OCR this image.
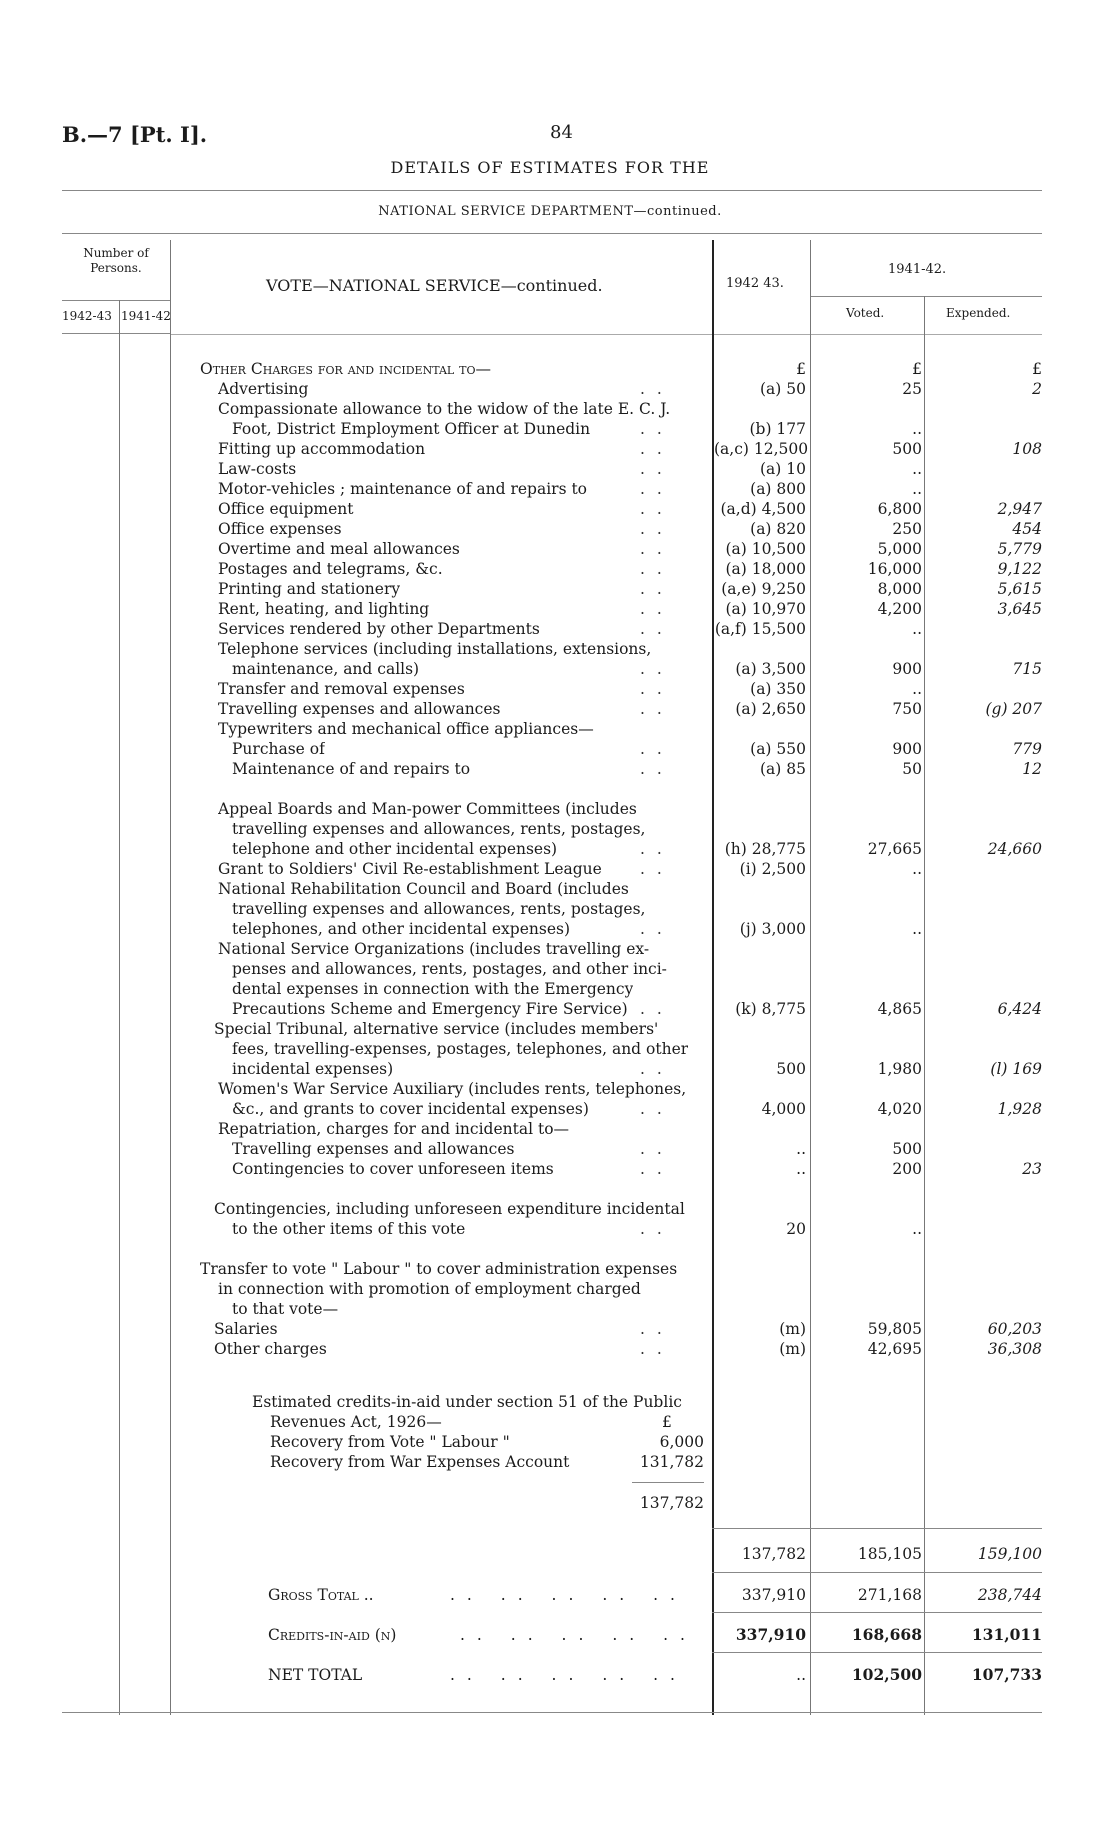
B.—7 [Pt. I].	84
DETAILS OF ESTIMATES FOR THE
NATIONAL SERVICE DEPARTMENT—continued.
Number of Persons.
1942-43 1941-42
VOTE—NATIONAL SERVICE—continued.	1942 43.
1941-42.
Voted.	Expended.
Other Charges for and incidental to—	£	£	£
Advertising	..	(a) 50	25	2
Compassionate allowance to the widow of the late E. C. J.
Foot, District Employment Officer at Dunedin	..	(b) 177	..
Fitting up accommodation	..	(a,c) 12,500	500	108
Law-costs	..	(a) 10	..
Motor-vehicles ; maintenance of and repairs to	..	(a) 800	..
Office equipment	..	(a,d) 4,500	6,800	2,947
Office expenses	..	(a) 820	250	454
Overtime and meal allowances	..	(a) 10,500	5,000	5,779
Postages and telegrams, &c.	..	(a) 18,000	16,000	9,122
Printing and stationery	..	(a,e) 9,250	8,000	5,615
Rent, heating, and lighting	..	(a) 10,970	4,200	3,645
Services rendered by other Departments	..	(a,f) 15,500	..
Telephone services (including installations, extensions,
maintenance, and calls)	..	(a) 3,500	900	715
Transfer and removal expenses	..	(a) 350	..
Travelling expenses and allowances	..	(a) 2,650	750	(g) 207
Typewriters and mechanical office appliances—
Purchase of	..	(a) 550	900	779
Maintenance of and repairs to	..	(a) 85	50	12
Appeal Boards and Man-power Committees (includes
travelling expenses and allowances, rents, postages,
telephone and other incidental expenses)	..	(h) 28,775	27,665	24,660
Grant to Soldiers' Civil Re-establishment League ..	(i) 2,500	..
National Rehabilitation Council and Board (includes
travelling expenses and allowances, rents, postages,
telephones, and other incidental expenses)	..	(j) 3,000	..
National Service Organizations (includes travelling ex-
penses and allowances, rents, postages, and other inci-
dental expenses in connection with the Emergency
Precautions Scheme and Emergency Fire Service) ..	(k) 8,775	4,865	6,424
Special Tribunal, alternative service (includes members'
fees, travelling-expenses, postages, telephones, and other
incidental expenses)	..	500	1,980	(l) 169
Women's War Service Auxiliary (includes rents, telephones,
&c., and grants to cover incidental expenses)	..	4,000	4,020	1,928
Repatriation, charges for and incidental to—
Travelling expenses and allowances	..	..	500
Contingencies to cover unforeseen items	..	..	200	23
Contingencies, including unforeseen expenditure incidental
to the other items of this vote	..	20	..
Transfer to vote " Labour " to cover administration expenses
in connection with promotion of employment charged
to that vote—
Salaries	..	(m)	59,805	60,203
Other charges	..	(m)	42,695	36,308
Estimated credits-in-aid under section 51 of the Public
Revenues Act, 1926—	£
Recovery from Vote " Labour "	6,000
Recovery from War Expenses Account	131,782
137,782
137,782	185,105	159,100
Gross Total ..	.. .. .. .. ..	337,910	271,168	238,744
Credits-in-aid (n)	.. .. .. .. ..	337,910	168,668	131,011
NET TOTAL	.. .. .. .. ..	..	102,500	107,733
